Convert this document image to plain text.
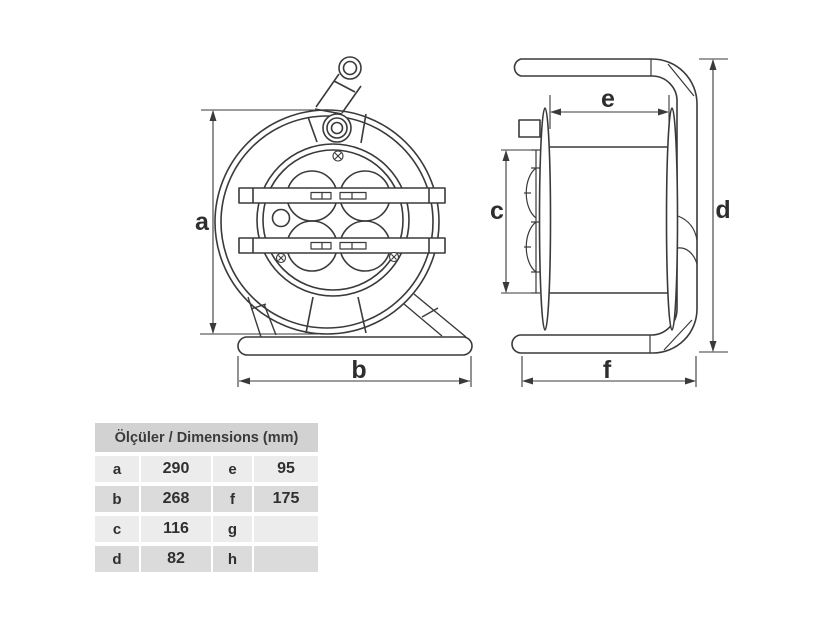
a
b
e
c	d
f
Ölçüler / Dimensions (mm)
a	290	e	95
b	268	f	175
c	116	g
d	82	h
